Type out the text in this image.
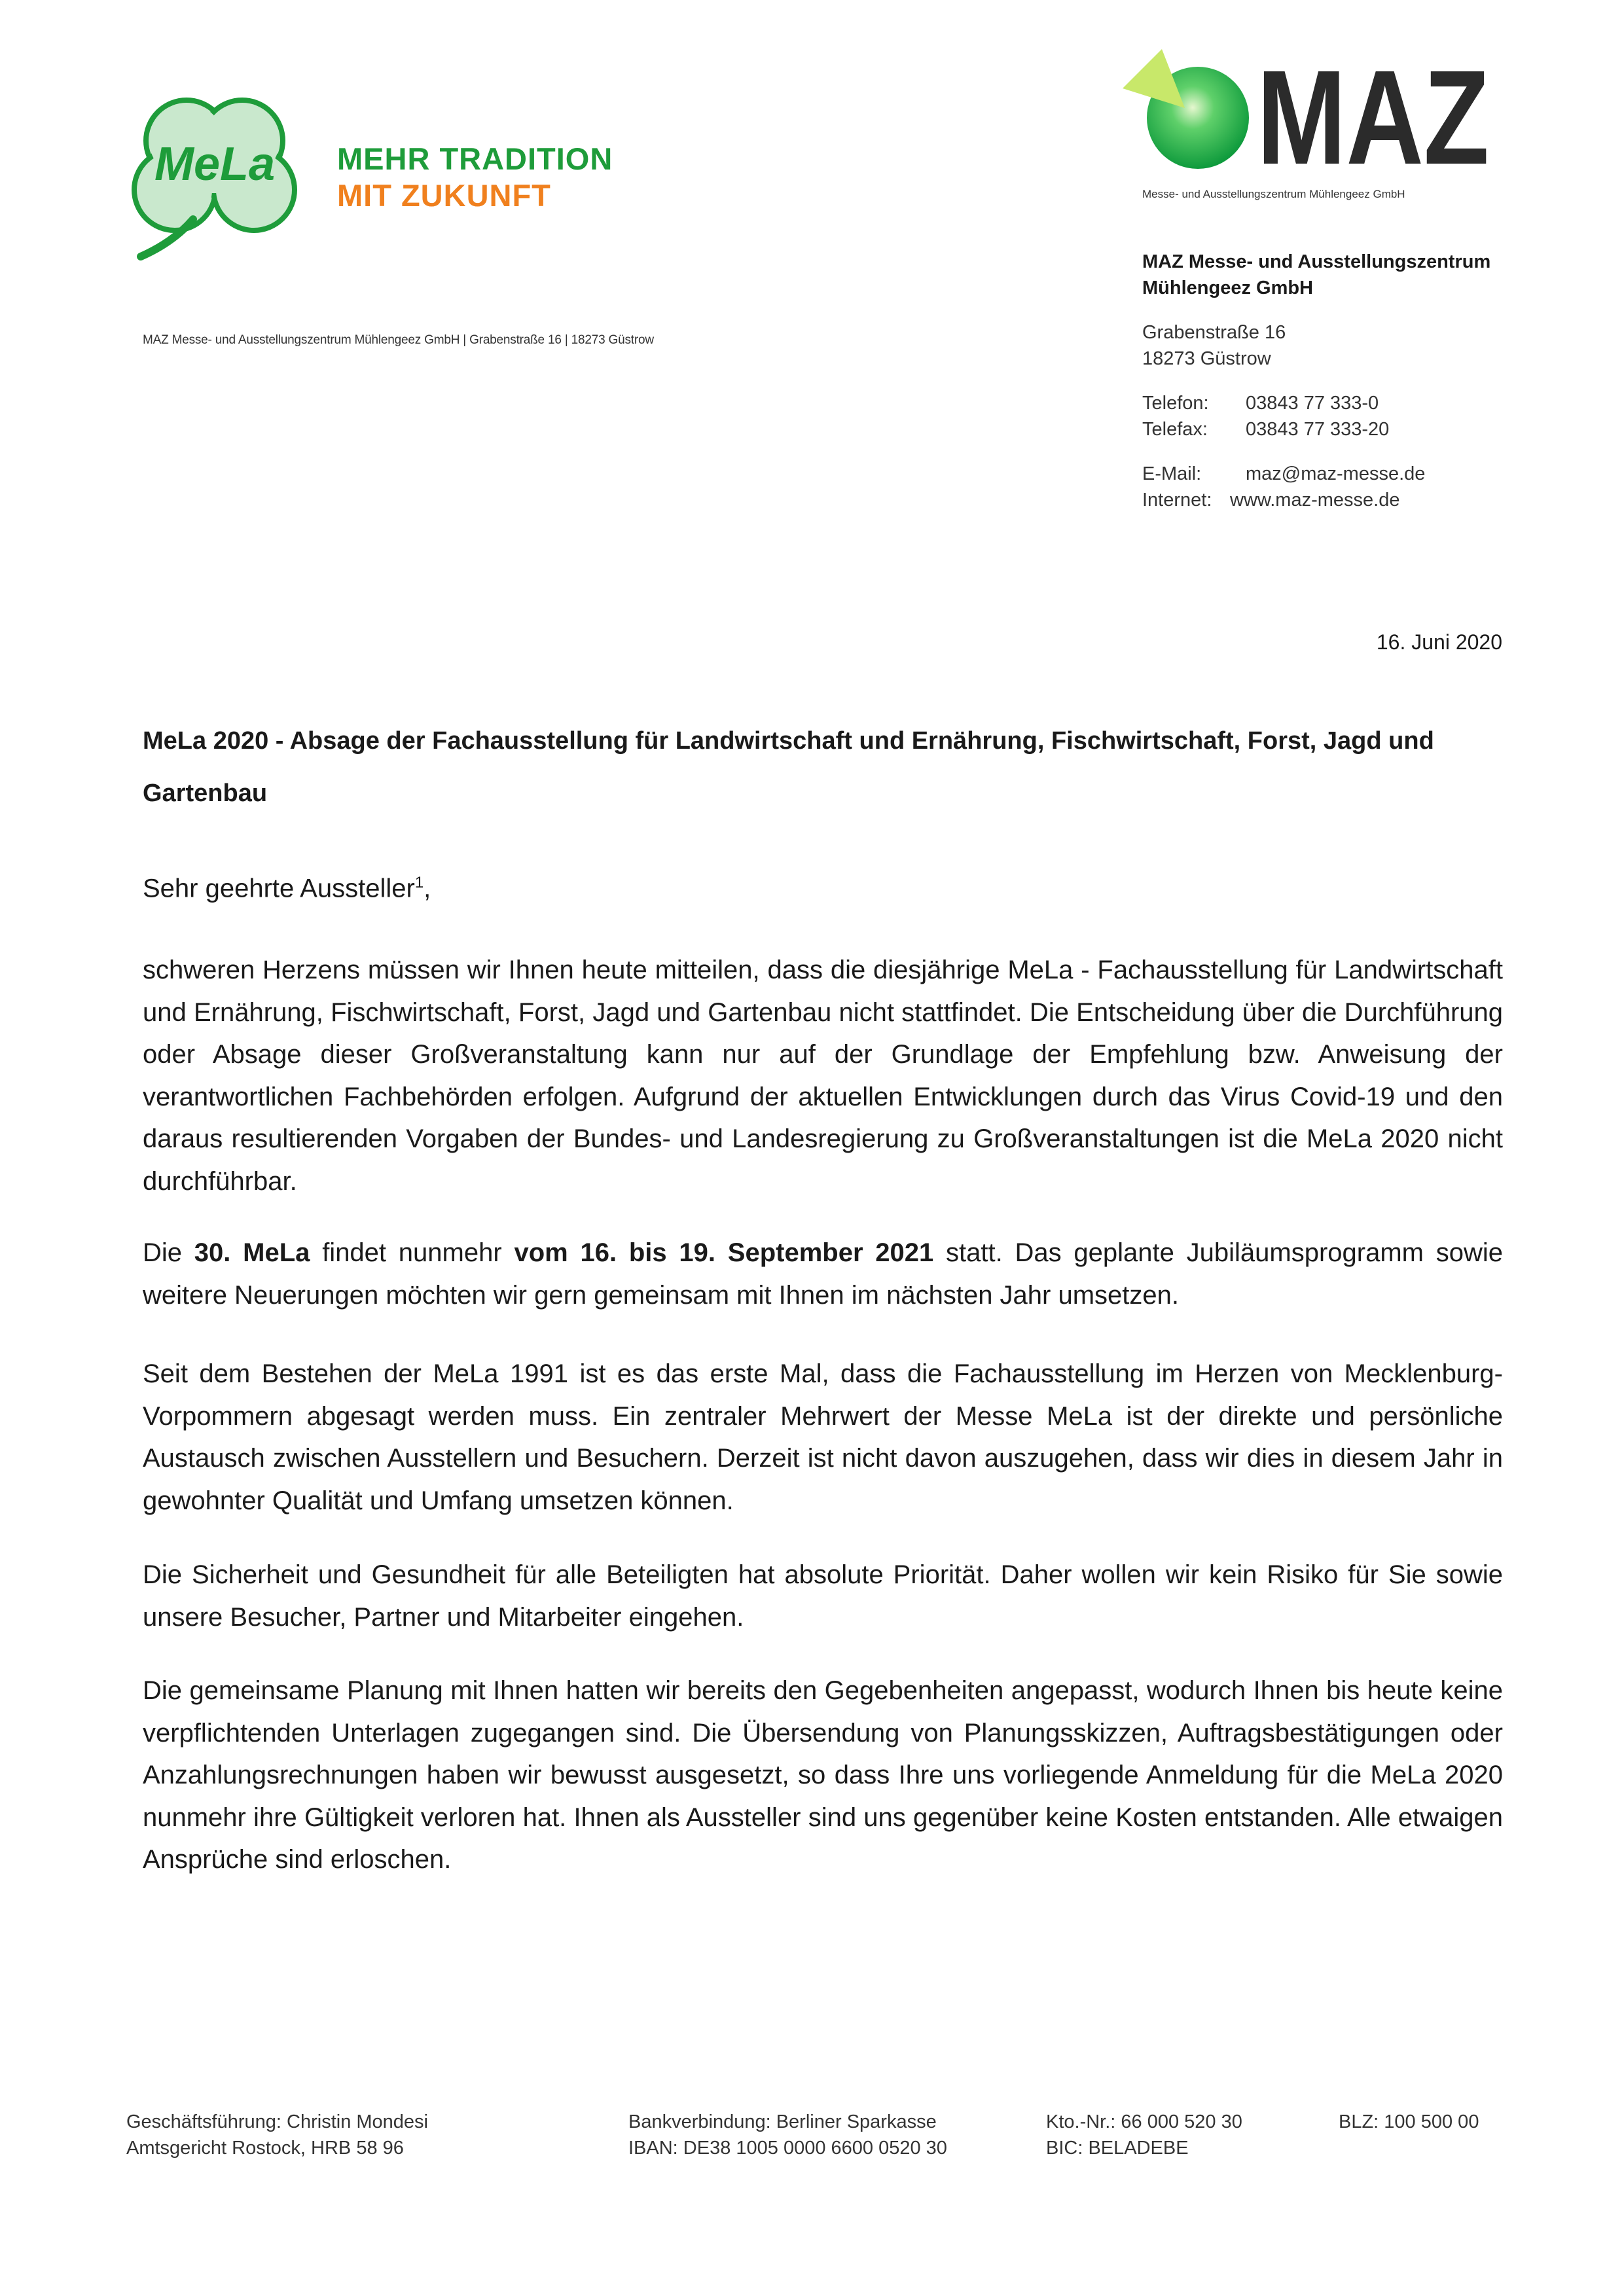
MeLa MEHR TRADITION
MIT ZUKUNFT
MAZ
Messe- und Ausstellungszentrum Mühlengeez GmbH
MAZ Messe- und Ausstellungszentrum Mühlengeez GmbH | Grabenstraße 16 | 18273 Güstrow
MAZ Messe- und Ausstellungszentrum
Mühlengeez GmbH
Grabenstraße 16
18273 Güstrow
Telefon:	03843 77 333-0
Telefax:	03843 77 333-20
E-Mail:	maz@maz-messe.de
Internet: www.maz-messe.de
16. Juni 2020
MeLa 2020 - Absage der Fachausstellung für Landwirtschaft und Ernährung, Fischwirtschaft, Forst, Jagd und Gartenbau
Sehr geehrte Aussteller$^1$,
schweren Herzens müssen wir Ihnen heute mitteilen, dass die diesjährige MeLa - Fachausstellung für Landwirtschaft und Ernährung, Fischwirtschaft, Forst, Jagd und Gartenbau nicht stattfindet. Die Entscheidung über die Durchführung oder Absage dieser Großveranstaltung kann nur auf der Grundlage der Empfehlung bzw. Anweisung der verantwortlichen Fachbehörden erfolgen. Aufgrund der aktuellen Entwicklungen durch das Virus Covid-19 und den daraus resultierenden Vorgaben der Bundes- und Landesregierung zu Großveranstaltungen ist die MeLa 2020 nicht durchführbar.
Die 30. MeLa findet nunmehr vom 16. bis 19. September 2021 statt. Das geplante Jubiläumsprogramm sowie weitere Neuerungen möchten wir gern gemeinsam mit Ihnen im nächsten Jahr umsetzen.
Seit dem Bestehen der MeLa 1991 ist es das erste Mal, dass die Fachausstellung im Herzen von Mecklenburg-Vorpommern abgesagt werden muss. Ein zentraler Mehrwert der Messe MeLa ist der direkte und persönliche Austausch zwischen Ausstellern und Besuchern. Derzeit ist nicht davon auszugehen, dass wir dies in diesem Jahr in gewohnter Qualität und Umfang umsetzen können.
Die Sicherheit und Gesundheit für alle Beteiligten hat absolute Priorität. Daher wollen wir kein Risiko für Sie sowie unsere Besucher, Partner und Mitarbeiter eingehen.
Die gemeinsame Planung mit Ihnen hatten wir bereits den Gegebenheiten angepasst, wodurch Ihnen bis heute keine verpflichtenden Unterlagen zugegangen sind. Die Übersendung von Planungsskizzen, Auftragsbestätigungen oder Anzahlungsrechnungen haben wir bewusst ausgesetzt, so dass Ihre uns vorliegende Anmeldung für die MeLa 2020 nunmehr ihre Gültigkeit verloren hat. Ihnen als Aussteller sind uns gegenüber keine Kosten entstanden. Alle etwaigen Ansprüche sind erloschen.
Geschäftsführung: Christin Mondesi
Amtsgericht Rostock, HRB 58 96
Bankverbindung: Berliner Sparkasse
IBAN: DE38 1005 0000 6600 0520 30
Kto.-Nr.: 66 000 520 30
BIC: BELADEBE
BLZ: 100 500 00
